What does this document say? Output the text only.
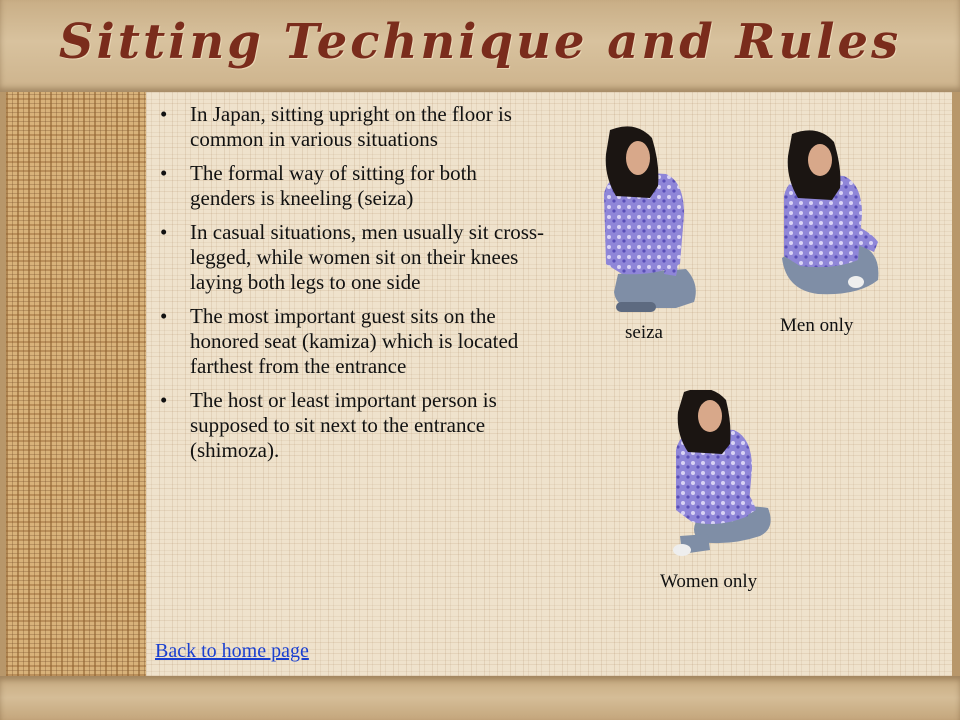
Sitting Technique and Rules
• In Japan, sitting upright on the floor is common in various situations
• The formal way of sitting for both genders is kneeling (seiza)
• In casual situations, men usually sit cross-legged, while women sit on their knees laying both legs to one side
• The most important guest sits on the honored seat (kamiza) which is located farthest from the entrance
• The host or least important person is supposed to sit next to the entrance (shimoza).
seiza	Men only
Women only
Back to home page
